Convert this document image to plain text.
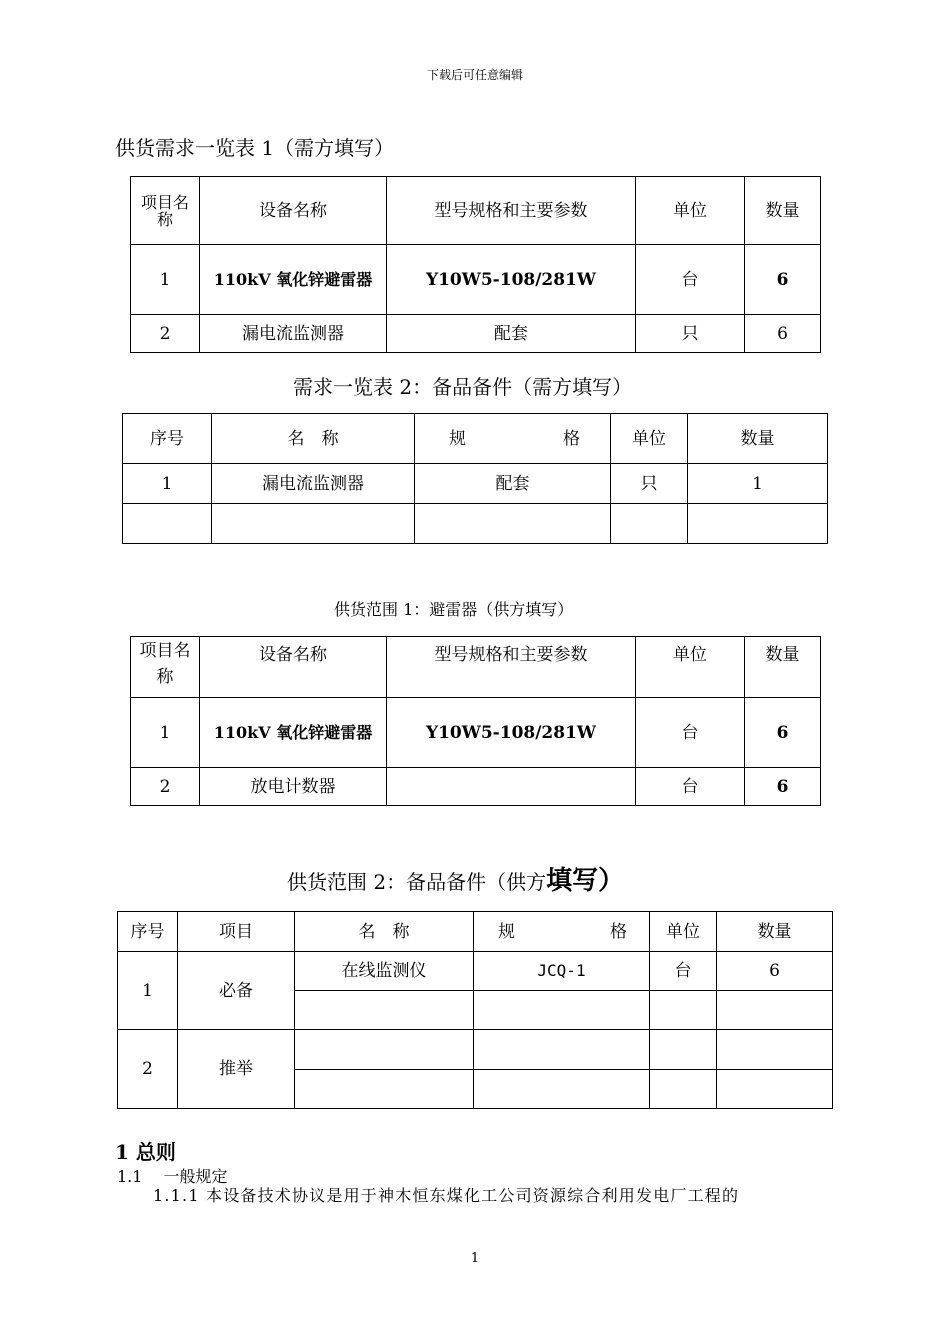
下载后可任意编辑
供货需求一览表 1（需方填写）
项目名称	设备名称	型号规格和主要参数	单位	数量
1	110kV 氧化锌避雷器	Y10W5-108/281W	台	6
2	漏电流监测器	配套	只	6
需求一览表 2：备品备件（需方填写）
序号	名　称	规 格	单位	数量
1	漏电流监测器	配套	只	1

供货范围 1：避雷器（供方填写）
项目名称	设备名称	型号规格和主要参数	单位	数量
1	110kV 氧化锌避雷器	Y10W5-108/281W	台	6
2	放电计数器		台	6
供货范围 2：备品备件（供方填写）
序号	项目	名　称	规 格	单位	数量
1	必备	在线监测仪	JCQ-1	台	6

2	推举				

1 总则
1.1　 一般规定
1.1.1 本设备技术协议是用于神木恒东煤化工公司资源综合利用发电厂工程的
1
